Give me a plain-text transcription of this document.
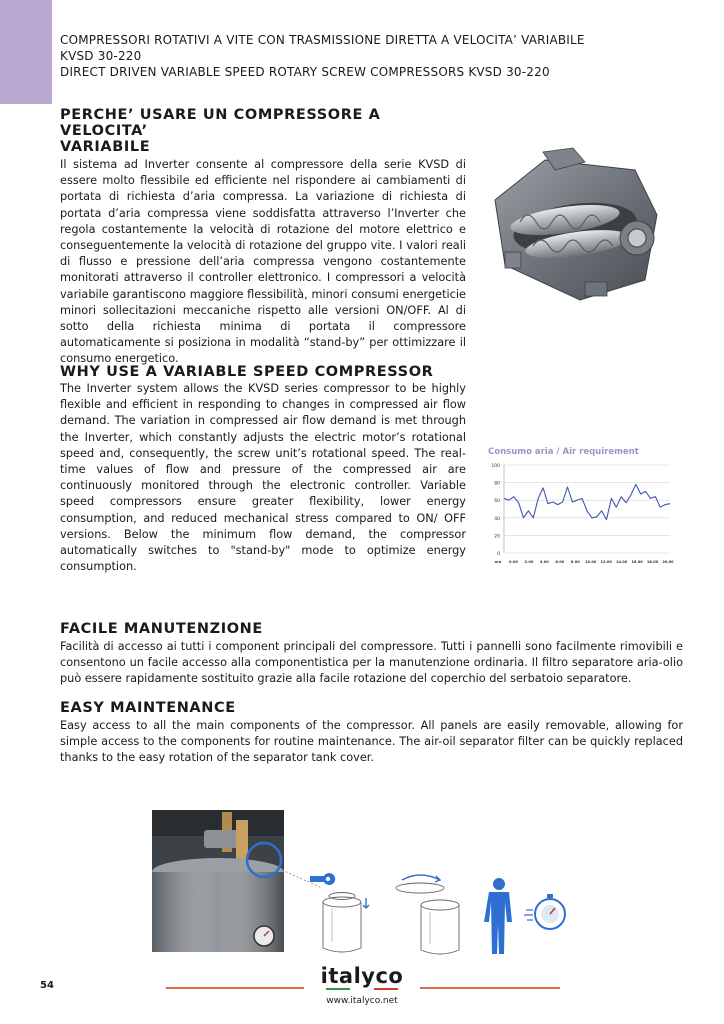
COMPRESSORI ROTATIVI A VITE CON TRASMISSIONE DIRETTA A VELOCITA’ VARIABILE
KVSD 30-220
DIRECT DRIVEN VARIABLE SPEED ROTARY SCREW COMPRESSORS KVSD 30-220
PERCHE’ USARE UN COMPRESSORE A VELOCITA’
VARIABILE
Il sistema ad Inverter consente al compressore della serie KVSD di essere molto flessibile ed efficiente nel rispondere ai cambiamenti di portata di richiesta d’aria compressa. La variazione di richiesta di portata d’aria compressa viene soddisfatta attraverso l’Inverter che regola costantemente la velocità di rotazione del motore elettrico e conseguentemente la velocità di rotazione del gruppo vite. I valori reali di flusso e pressione dell’aria compressa vengono costantemente monitorati attraverso il controller elettronico. I compressori a velocità variabile garantiscono maggiore flessibilità, minori consumi energeticie minori sollecitazioni meccaniche rispetto alle versioni ON/OFF. Al di sotto della richiesta minima di portata il compressore automaticamente si posiziona in modalità “stand-by” per ottimizzare il consumo energetico.
WHY USE A VARIABLE SPEED COMPRESSOR
The Inverter system allows the KVSD series compressor to be highly flexible and efficient in responding to changes in compressed air flow demand. The variation in compressed air flow demand is met through the Inverter, which constantly adjusts the electric motor’s rotational speed and, consequently, the screw unit’s rotational speed. The real-time values of flow and pressure of the compressed air are continuously monitored through the electronic controller. Variable speed compressors ensure greater flexibility, lower energy consumption, and reduced mechanical stress compared to ON/ OFF versions. Below the minimum flow demand, the compressor automatically switches to "stand-by" mode to optimize energy consumption.
FACILE MANUTENZIONE
Facilità di accesso ai tutti i component principali del compressore. Tutti i pannelli sono facilmente rimovibili e consentono un facile accesso alla componentistica per la manutenzione ordinaria. Il filtro separatore aria-olio può essere rapidamente sostituito grazie alla facile rotazione del coperchio del serbatoio separatore.
EASY MAINTENANCE
Easy access to all the main components of the compressor. All panels are easily removable, allowing for simple access to the components for routine maintenance. The air-oil separator filter can be quickly replaced thanks to the easy rotation of the separator tank cover.
Consumo aria / Air requirement
0
20
40
60
80
100
ora 0.00 2.00 4.00 6.00 8.00 10.00 12.00 14.00 16.00 18.00 20.00
54	italyco
www.italyco.net
